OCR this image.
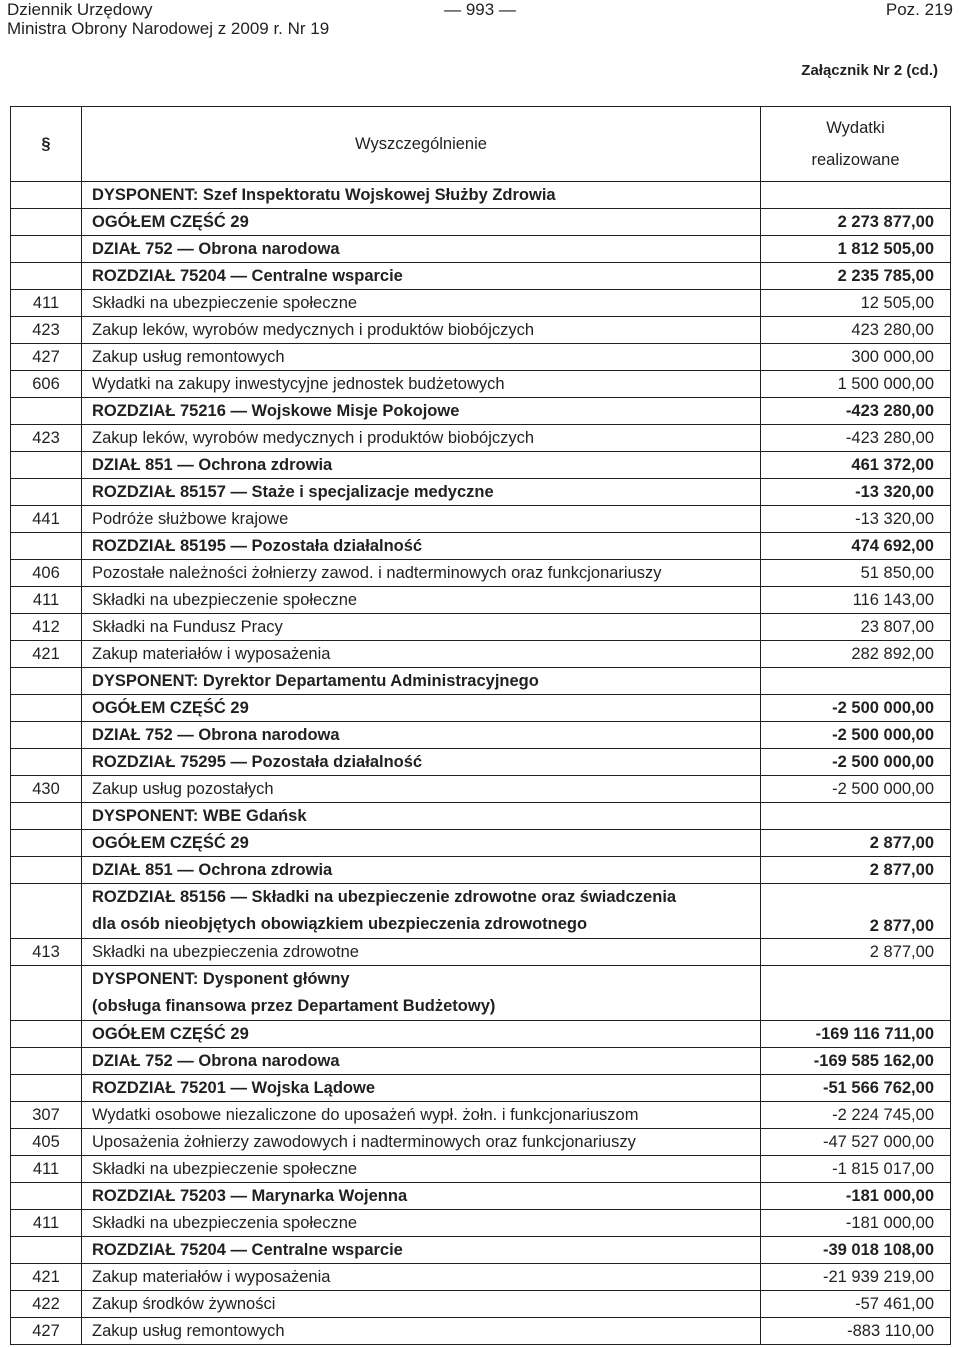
Dziennik Urzędowy	— 993 —	Poz. 219
Ministra Obrony Narodowej z 2009 r. Nr 19
Załącznik Nr 2 (cd.)
§	Wyszczególnienie	Wydatki
realizowane

	DYSPONENT: Szef Inspektoratu Wojskowej Służby Zdrowia	
	OGÓŁEM CZĘŚĆ 29	2 273 877,00
	DZIAŁ 752 — Obrona narodowa	1 812 505,00
	ROZDZIAŁ 75204 — Centralne wsparcie	2 235 785,00
411	Składki na ubezpieczenie społeczne	12 505,00
423	Zakup leków, wyrobów medycznych i produktów biobójczych	423 280,00
427	Zakup usług remontowych	300 000,00
606	Wydatki na zakupy inwestycyjne jednostek budżetowych	1 500 000,00
	ROZDZIAŁ 75216 — Wojskowe Misje Pokojowe	-423 280,00
423	Zakup leków, wyrobów medycznych i produktów biobójczych	-423 280,00
	DZIAŁ 851 — Ochrona zdrowia	461 372,00
	ROZDZIAŁ 85157 — Staże i specjalizacje medyczne	-13 320,00
441	Podróże służbowe krajowe	-13 320,00
	ROZDZIAŁ 85195 — Pozostała działalność	474 692,00
406	Pozostałe należności żołnierzy zawod. i nadterminowych oraz funkcjonariuszy	51 850,00
411	Składki na ubezpieczenie społeczne	116 143,00
412	Składki na Fundusz Pracy	23 807,00
421	Zakup materiałów i wyposażenia	282 892,00
	DYSPONENT: Dyrektor Departamentu Administracyjnego	
	OGÓŁEM CZĘŚĆ 29	-2 500 000,00
	DZIAŁ 752 — Obrona narodowa	-2 500 000,00
	ROZDZIAŁ 75295 — Pozostała działalność	-2 500 000,00
430	Zakup usług pozostałych	-2 500 000,00
	DYSPONENT: WBE Gdańsk	
	OGÓŁEM CZĘŚĆ 29	2 877,00
	DZIAŁ 851 — Ochrona zdrowia	2 877,00

	ROZDZIAŁ 85156 — Składki na ubezpieczenie zdrowotne oraz świadczenia
dla osób nieobjętych obowiązkiem ubezpieczenia zdrowotnego	2 877,00
413	Składki na ubezpieczenia zdrowotne	2 877,00

	DYSPONENT: Dysponent główny
(obsługa finansowa przez Departament Budżetowy)	

	OGÓŁEM CZĘŚĆ 29	-169 116 711,00
	DZIAŁ 752 — Obrona narodowa	-169 585 162,00
	ROZDZIAŁ 75201 — Wojska Lądowe	-51 566 762,00
307	Wydatki osobowe niezaliczone do uposażeń wypł. żołn. i funkcjonariuszom	-2 224 745,00
405	Uposażenia żołnierzy zawodowych i nadterminowych oraz funkcjonariuszy	-47 527 000,00
411	Składki na ubezpieczenie społeczne	-1 815 017,00
	ROZDZIAŁ 75203 — Marynarka Wojenna	-181 000,00
411	Składki na ubezpieczenia społeczne	-181 000,00
	ROZDZIAŁ 75204 — Centralne wsparcie	-39 018 108,00
421	Zakup materiałów i wyposażenia	-21 939 219,00
422	Zakup środków żywności	-57 461,00
427	Zakup usług remontowych	-883 110,00
